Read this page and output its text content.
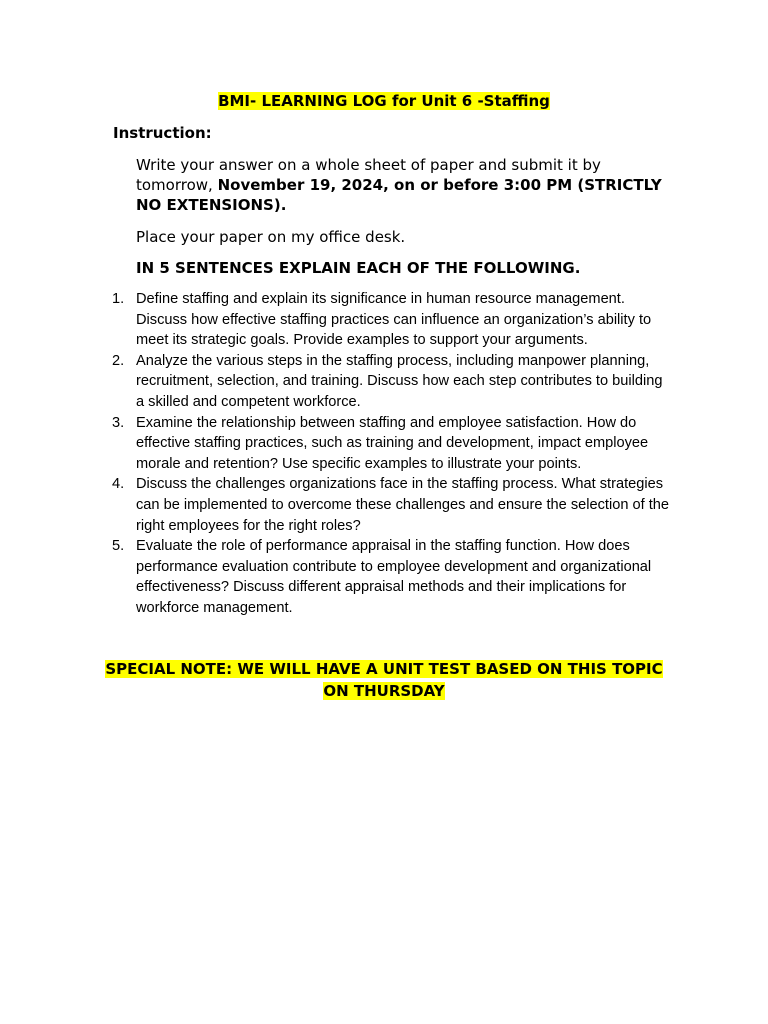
BMI- LEARNING LOG for Unit 6 -Staffing
Instruction:
Write your answer on a whole sheet of paper and submit it by tomorrow, November 19, 2024, on or before 3:00 PM (STRICTLY NO EXTENSIONS).
Place your paper on my office desk.
IN 5 SENTENCES EXPLAIN EACH OF THE FOLLOWING.
1. Define staffing and explain its significance in human resource management. Discuss how effective staffing practices can influence an organization’s ability to meet its strategic goals. Provide examples to support your arguments.
2. Analyze the various steps in the staffing process, including manpower planning, recruitment, selection, and training. Discuss how each step contributes to building a skilled and competent workforce.
3. Examine the relationship between staffing and employee satisfaction. How do effective staffing practices, such as training and development, impact employee morale and retention? Use specific examples to illustrate your points.
4. Discuss the challenges organizations face in the staffing process. What strategies can be implemented to overcome these challenges and ensure the selection of the right employees for the right roles?
5. Evaluate the role of performance appraisal in the staffing function. How does performance evaluation contribute to employee development and organizational effectiveness? Discuss different appraisal methods and their implications for workforce management.
SPECIAL NOTE: WE WILL HAVE A UNIT TEST BASED ON THIS TOPIC ON THURSDAY
